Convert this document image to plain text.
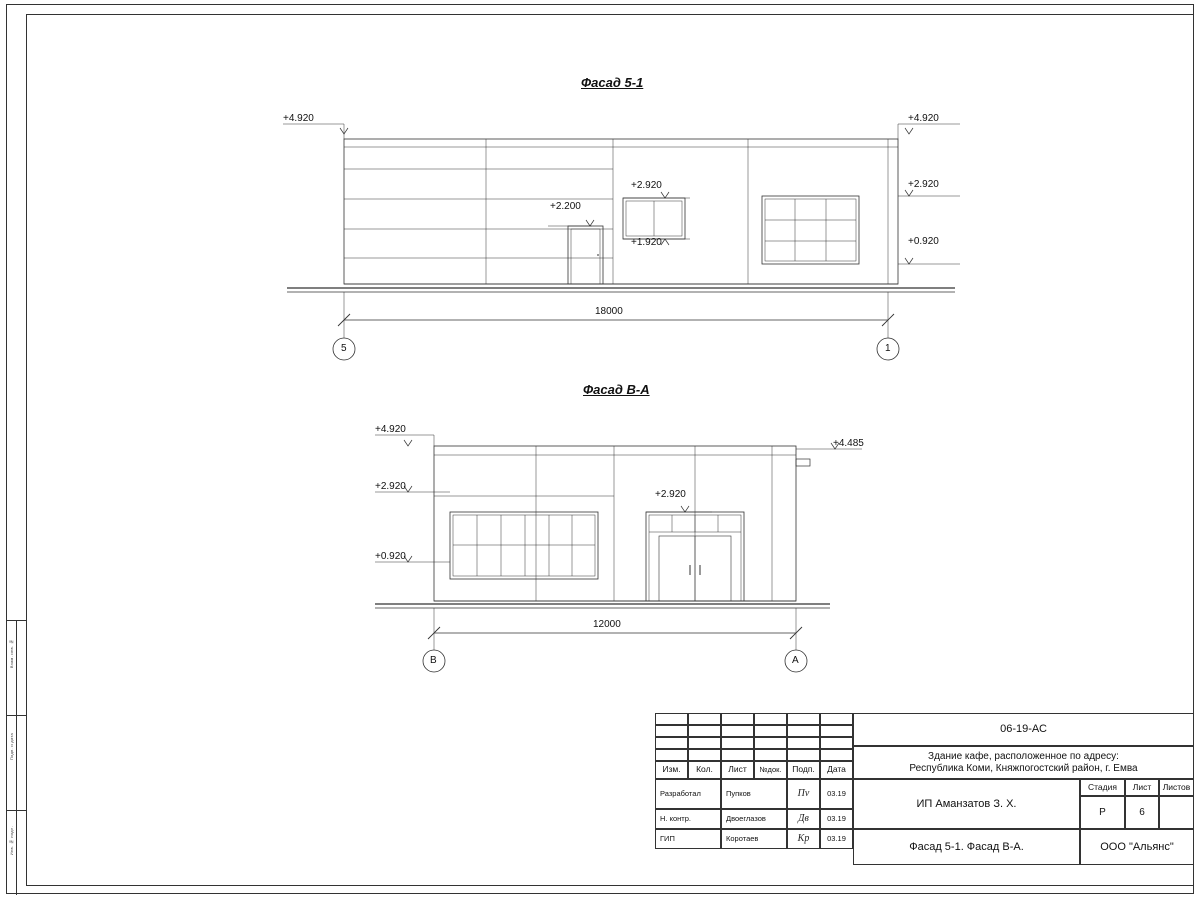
Взам. инв. №
Подп. и дата
Инв. № подл.
Фасад 5-1
Фасад В-А
+4.920	+4.920
+2.920
+0.920
+2.920
+1.920
+2.200
18000
5	1
+4.920
+4.485
+2.920
+0.920
+2.920
12000
В	А
Изм.	Кол.	Лист	№док.	Подп.	Дата
Разработал	Пупков	Пv	03.19
Н. контр.	Двоеглазов	Дв	03.19
ГИП	Коротаев	Кр	03.19
06-19-АС
Здание кафе, расположенное по адресу:
Республика Коми, Княжпогостский район, г. Емва
ИП Аманзатов З. Х.
Стадия	Лист	Листов
Р	6
Фасад 5-1. Фасад В-А.	ООО "Альянс"
